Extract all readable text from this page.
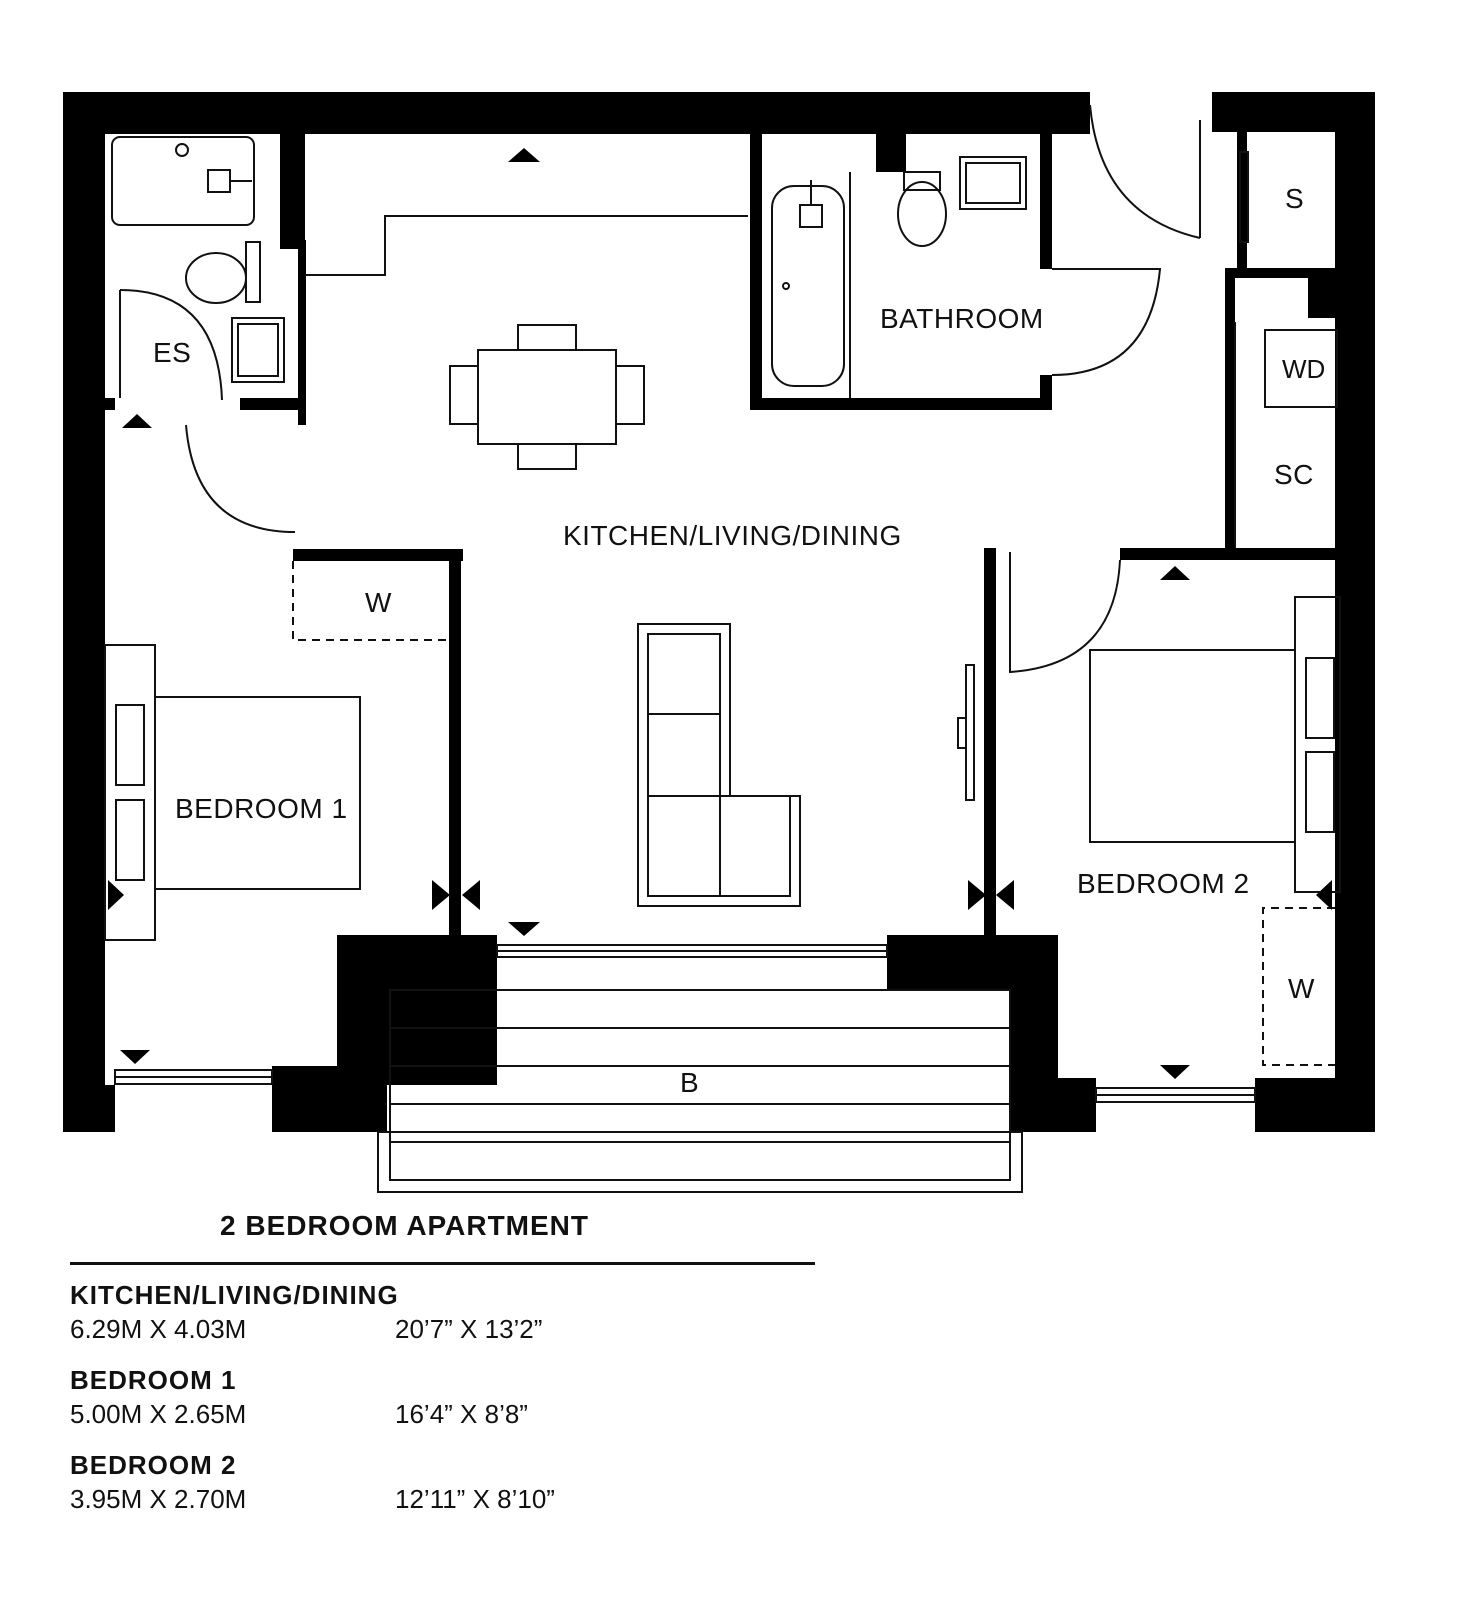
ES
BATHROOM
KITCHEN/LIVING/DINING
S
WD
SC
W
BEDROOM 1
BEDROOM 2
W
B
2 BEDROOM APARTMENT
KITCHEN/LIVING/DINING
6.29M X 4.03M	20’7” X 13’2”
BEDROOM 1
5.00M X 2.65M	16’4” X 8’8”
BEDROOM 2
3.95M X 2.70M	12’11” X 8’10”
